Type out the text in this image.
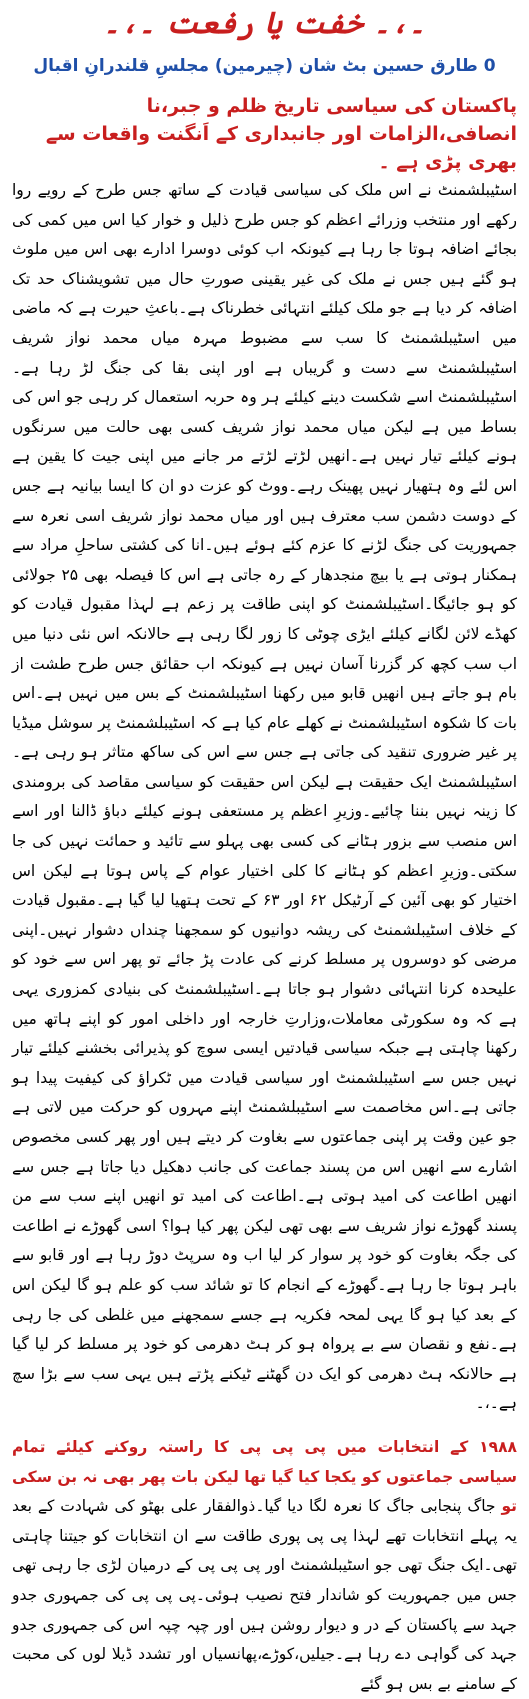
۔،۔ خفت یا رفعت ۔،۔
0 طارق حسین بٹ شان (چیرمین) مجلسِ قلندرانِ اقبال
پاکستان کی سیاسی تاریخ ظلم و جبر،نا انصافی،الزامات اور جانبداری کے اَنگنت واقعات سے بھری پڑی ہے ۔
اسٹیبلشمنٹ نے اس ملک کی سیاسی قیادت کے ساتھ جس طرح کے رویے روا رکھے اور منتخب وزرائے اعظم کو جس طرح ذلیل و خوار کیا اس میں کمی کی بجائے اضافہ ہوتا جا رہا ہے کیونکہ اب کوئی دوسرا ادارے بھی اس میں ملوث ہو گئے ہیں جس نے ملک کی غیر یقینی صورتِ حال میں تشویشناک حد تک اضافہ کر دیا ہے جو ملک کیلئے انتہائی خطرناک ہے۔باعثِ حیرت ہے کہ ماضی میں اسٹیبلشمنٹ کا سب سے مضبوط مہرہ میاں محمد نواز شریف اسٹیبلشمنٹ سے دست و گریباں ہے اور اپنی بقا کی جنگ لڑ رہا ہے۔اسٹیبلشمنٹ اسے شکست دینے کیلئے ہر وہ حربہ استعمال کر رہی جو اس کی بساط میں ہے لیکن میاں محمد نواز شریف کسی بھی حالت میں سرنگوں ہونے کیلئے تیار نہیں ہے۔انھیں لڑتے لڑتے مر جانے میں اپنی جیت کا یقین ہے اس لئے وہ ہتھیار نہیں پھینک رہے۔ووٹ کو عزت دو ان کا ایسا بیانیہ ہے جس کے دوست دشمن سب معترف ہیں اور میاں محمد نواز شریف اسی نعرہ سے جمہوریت کی جنگ لڑنے کا عزم کئے ہوئے ہیں۔انا کی کشتی ساحلِ مراد سے ہمکنار ہوتی ہے یا بیچ منجدھار کے رہ جاتی ہے اس کا فیصلہ بھی ۲۵ جولائی کو ہو جائیگا۔اسٹیبلشمنٹ کو اپنی طاقت پر زعم ہے لہذا مقبول قیادت کو کھڈے لائن لگانے کیلئے ایڑی چوٹی کا زور لگا رہی ہے حالانکہ اس نئی دنیا میں اب سب کچھ کر گزرنا آسان نہیں ہے کیونکہ اب حقائق جس طرح طشت از بام ہو جاتے ہیں انھیں قابو میں رکھنا اسٹیبلشمنٹ کے بس میں نہیں ہے۔اس بات کا شکوہ اسٹیبلشمنٹ نے کھلے عام کیا ہے کہ اسٹیبلشمنٹ پر سوشل میڈیا پر غیر ضروری تنقید کی جاتی ہے جس سے اس کی ساکھ متاثر ہو رہی ہے۔اسٹیبلشمنٹ ایک حقیقت ہے لیکن اس حقیقت کو سیاسی مقاصد کی برومندی کا زینہ نہیں بننا چائیے۔وزیرِ اعظم پر مستعفی ہونے کیلئے دباؤ ڈالنا اور اسے اس منصب سے بزور ہٹانے کی کسی بھی پہلو سے تائید و حمائت نہیں کی جا سکتی۔وزیرِ اعظم کو ہٹانے کا کلی اختیار عوام کے پاس ہوتا ہے لیکن اس اختیار کو بھی آئین کے آرٹیکل ۶۲ اور ۶۳ کے تحت ہتھیا لیا گیا ہے۔مقبول قیادت کے خلاف اسٹیبلشمنٹ کی ریشہ دوانیوں کو سمجھنا چنداں دشوار نہیں۔اپنی مرضی کو دوسروں پر مسلط کرنے کی عادت پڑ جائے تو پھر اس سے خود کو علیحدہ کرنا انتہائی دشوار ہو جاتا ہے۔اسٹیبلشمنٹ کی بنیادی کمزوری یہی ہے کہ وہ سکورٹی معاملات،وزارتِ خارجہ اور داخلی امور کو اپنے ہاتھ میں رکھنا چاہتی ہے جبکہ سیاسی قیادتیں ایسی سوچ کو پذیرائی بخشنے کیلئے تیار نہیں جس سے اسٹیبلشمنٹ اور سیاسی قیادت میں ٹکراؤ کی کیفیت پیدا ہو جاتی ہے۔اس مخاصمت سے اسٹیبلشمنٹ اپنے مہروں کو حرکت میں لاتی ہے جو عین وقت پر اپنی جماعتوں سے بغاوت کر دیتے ہیں اور پھر کسی مخصوص اشارے سے انھیں اس من پسند جماعت کی جانب دھکیل دیا جاتا ہے جس سے انھیں اطاعت کی امید ہوتی ہے۔اطاعت کی امید تو انھیں اپنے سب سے من پسند گھوڑے نواز شریف سے بھی تھی لیکن پھر کیا ہوا؟ اسی گھوڑے نے اطاعت کی جگہ بغاوت کو خود پر سوار کر لیا اب وہ سرپٹ دوڑ رہا ہے اور قابو سے باہر ہوتا جا رہا ہے۔گھوڑے کے انجام کا تو شائد سب کو علم ہو گا لیکن اس کے بعد کیا ہو گا یہی لمحہ فکریہ ہے جسے سمجھنے میں غلطی کی جا رہی ہے۔نفع و نقصان سے بے پرواہ ہو کر ہٹ دھرمی کو خود پر مسلط کر لیا گیا ہے حالانکہ ہٹ دھرمی کو ایک دن گھٹنے ٹیکنے پڑتے ہیں یہی سب سے بڑا سچ ہے۔،۔
۱۹۸۸ کے انتخابات میں پی پی پی کا راستہ روکنے کیلئے تمام سیاسی جماعتوں کو یکجا کیا گیا تھا لیکن بات پھر بھی نہ بن سکی تو جاگ پنجابی جاگ کا نعرہ لگا دیا گیا۔ذوالفقار علی بھٹو کی شہادت کے بعد یہ پہلے انتخابات تھے لہذا پی پی پوری طاقت سے ان انتخابات کو جیتنا چاہتی تھی۔ایک جنگ تھی جو اسٹیبلشمنٹ اور پی پی پی کے درمیان لڑی جا رہی تھی جس میں جمہوریت کو شاندار فتح نصیب ہوئی۔پی پی پی کی جمہوری جدو جہد سے پاکستان کے در و دیوار روشن ہیں اور چپہ چپہ اس کی جمہوری جدو جہد کی گواہی دے رہا ہے۔جیلیں،کوڑے،پھانسیاں اور تشدد ڈیلا لوں کی محبت کے سامنے بے بس ہو گئے
